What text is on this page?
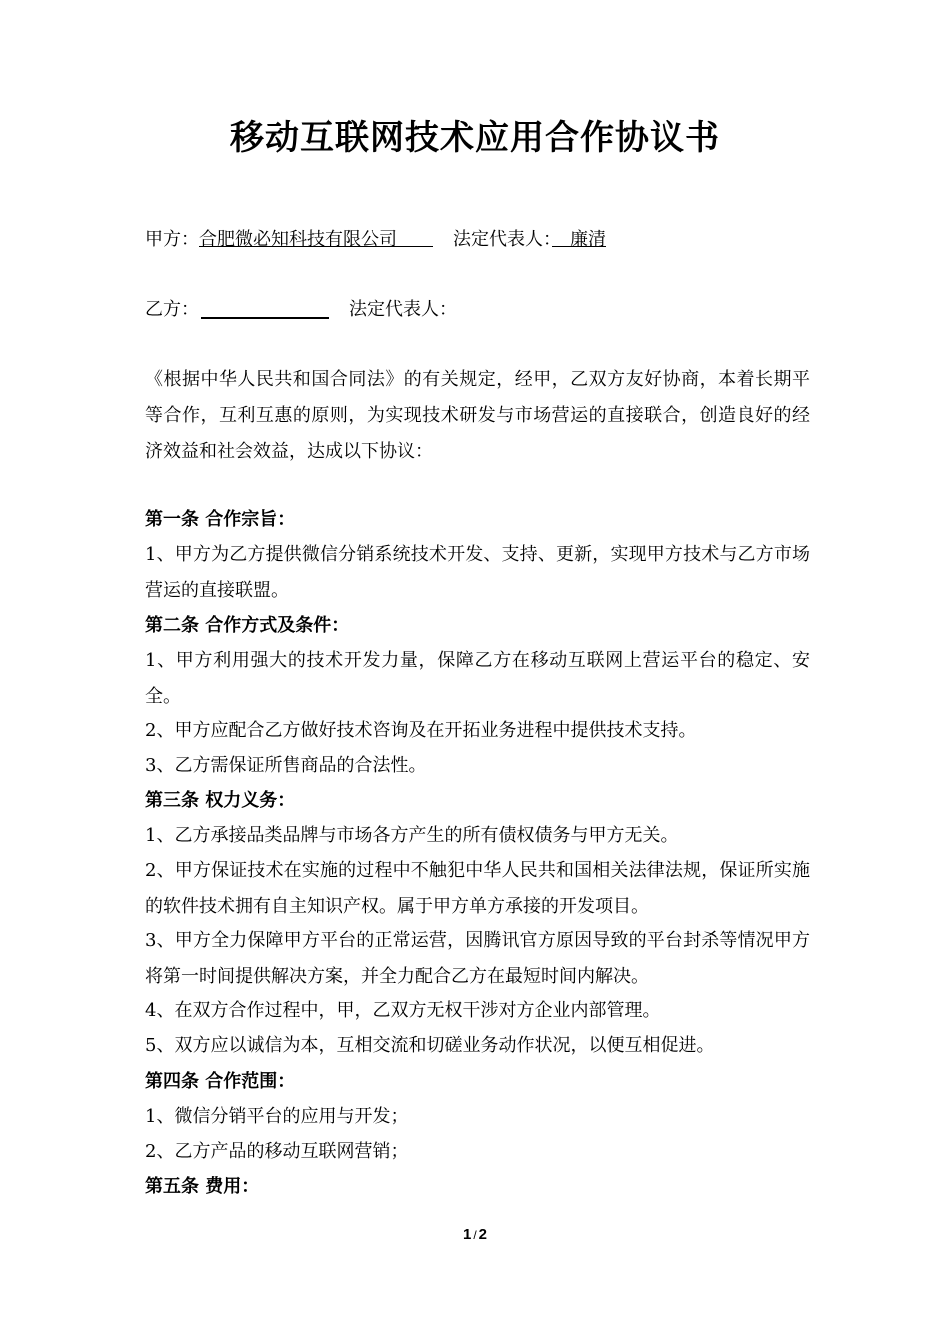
移动互联网技术应用合作协议书

甲方：合肥微必知科技有限公司　　	法定代表人：　 廉清

乙方：	法定代表人：

《根据中华人民共和国合同法》的有关规定，经甲，乙双方友好协商，本着长期平等合作，互利互惠的原则，为实现技术研发与市场营运的直接联合，创造良好的经济效益和社会效益，达成以下协议：

第一条 合作宗旨：

1、甲方为乙方提供微信分销系统技术开发、支持、更新，实现甲方技术与乙方市场营运的直接联盟。

第二条 合作方式及条件：

1、甲方利用强大的技术开发力量，保障乙方在移动互联网上营运平台的稳定、安全。

2、甲方应配合乙方做好技术咨询及在开拓业务进程中提供技术支持。

3、乙方需保证所售商品的合法性。

第三条 权力义务：

1、乙方承接品类品牌与市场各方产生的所有债权债务与甲方无关。

2、甲方保证技术在实施的过程中不触犯中华人民共和国相关法律法规，保证所实施的软件技术拥有自主知识产权。属于甲方单方承接的开发项目。

3、甲方全力保障甲方平台的正常运营，因腾讯官方原因导致的平台封杀等情况甲方将第一时间提供解决方案，并全力配合乙方在最短时间内解决。

4、在双方合作过程中，甲，乙双方无权干涉对方企业内部管理。

5、双方应以诚信为本，互相交流和切磋业务动作状况，以便互相促进。

第四条 合作范围：

1、微信分销平台的应用与开发；

2、乙方产品的移动互联网营销；

第五条 费用：

1 / 2
